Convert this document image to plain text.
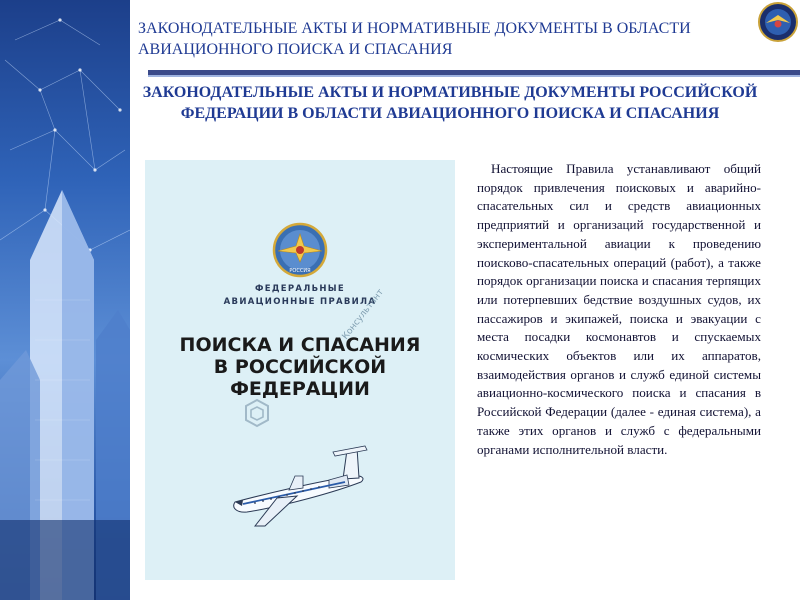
ЗАКОНОДАТЕЛЬНЫЕ АКТЫ И НОРМАТИВНЫЕ ДОКУМЕНТЫ В ОБЛАСТИ АВИАЦИОННОГО ПОИСКА И СПАСАНИЯ
ЗАКОНОДАТЕЛЬНЫЕ АКТЫ И НОРМАТИВНЫЕ ДОКУМЕНТЫ РОССИЙСКОЙ ФЕДЕРАЦИИ В ОБЛАСТИ АВИАЦИОННОГО ПОИСКА И СПАСАНИЯ
РОССИЯ
ФЕДЕРАЛЬНЫЕ
АВИАЦИОННЫЕ ПРАВИЛА
ПОИСКА И СПАСАНИЯ
В РОССИЙСКОЙ
ФЕДЕРАЦИИ
Консультант
Настоящие Правила устанавливают общий порядок привлечения поисковых и аварийно-спасательных сил и средств авиационных предприятий и организаций государственной и экспериментальной авиации к проведению поисково-спасательных операций (работ), а также порядок организации поиска и спасания терпящих или потерпевших бедствие воздушных судов, их пассажиров и экипажей, поиска и эвакуации с места посадки космонавтов и спускаемых космических объектов или их аппаратов, взаимодействия органов и служб единой системы авиационно-космического поиска и спасания в Российской Федерации (далее - единая система), а также этих органов и служб с федеральными органами исполнительной власти.
